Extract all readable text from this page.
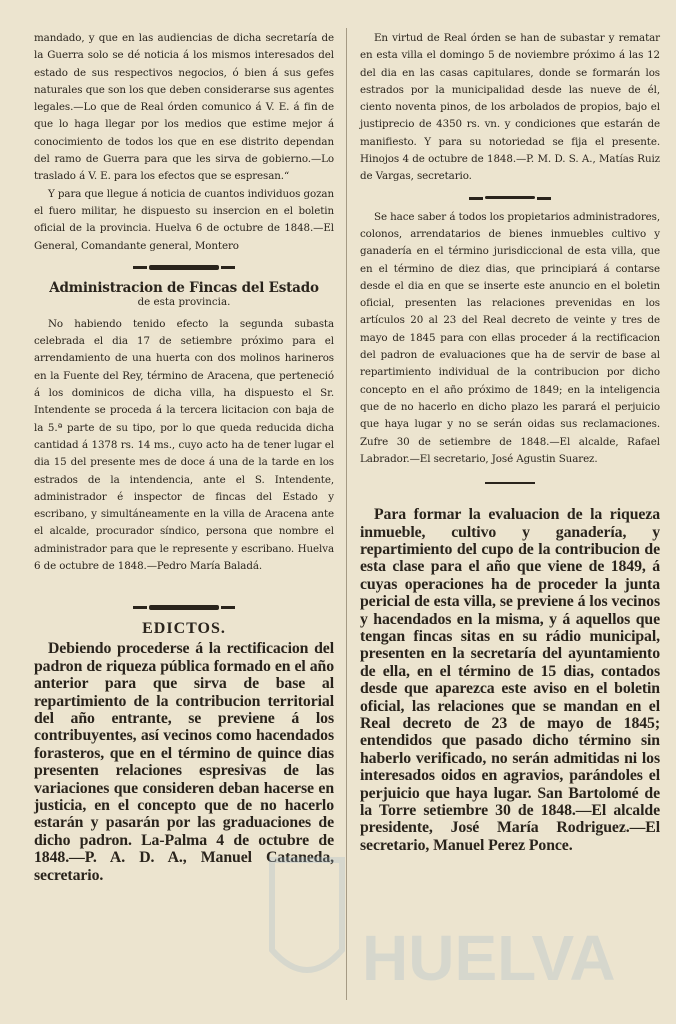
mandado, y que en las audiencias de dicha secretaría de la Guerra solo se dé noticia á los mismos interesados del estado de sus respectivos negocios, ó bien á sus gefes naturales que son los que deben considerarse sus agentes legales.—Lo que de Real órden comunico á V. E. á fin de que lo haga llegar por los medios que estime mejor á conocimiento de todos los que en ese distrito dependan del ramo de Guerra para que les sirva de gobierno.—Lo traslado á V. E. para los efectos que se espresan.“

Y para que llegue á noticia de cuantos individuos gozan el fuero militar, he dispuesto su insercion en el boletin oficial de la provincia. Huelva 6 de octubre de 1848.—El General, Comandante general, Montero

Administracion de Fincas del Estado
de esta provincia.

No habiendo tenido efecto la segunda subasta celebrada el dia 17 de setiembre próximo para el arrendamiento de una huerta con dos molinos harineros en la Fuente del Rey, término de Aracena, que perteneció á los dominicos de dicha villa, ha dispuesto el Sr. Intendente se proceda á la tercera licitacion con baja de la 5.ª parte de su tipo, por lo que queda reducida dicha cantidad á 1378 rs. 14 ms., cuyo acto ha de tener lugar el dia 15 del presente mes de doce á una de la tarde en los estrados de la intendencia, ante el S. Intendente, administrador é inspector de fincas del Estado y escribano, y simultáneamente en la villa de Aracena ante el alcalde, procurador síndico, persona que nombre el administrador para que le represente y escribano. Huelva 6 de octubre de 1848.—Pedro María Baladá.

EDICTOS.

Debiendo procederse á la rectificacion del padron de riqueza pública formado en el año anterior para que sirva de base al repartimiento de la contribucion territorial del año entrante, se previene á los contribuyentes, así vecinos como hacendados forasteros, que en el término de quince dias presenten relaciones espresivas de las variaciones que consideren deban hacerse en justicia, en el concepto que de no hacerlo estarán y pasarán por las graduaciones de dicho padron. La-Palma 4 de octubre de 1848.—P. A. D. A., Manuel Cataneda, secretario.

En virtud de Real órden se han de subastar y rematar en esta villa el domingo 5 de noviembre próximo á las 12 del dia en las casas capitulares, donde se formarán los estrados por la municipalidad desde las nueve de él, ciento noventa pinos, de los arbolados de propios, bajo el justiprecio de 4350 rs. vn. y condiciones que estarán de manifiesto. Y para su notoriedad se fija el presente. Hinojos 4 de octubre de 1848.—P. M. D. S. A., Matías Ruiz de Vargas, secretario.

Se hace saber á todos los propietarios administradores, colonos, arrendatarios de bienes inmuebles cultivo y ganadería en el término jurisdiccional de esta villa, que en el término de diez dias, que principiará á contarse desde el dia en que se inserte este anuncio en el boletin oficial, presenten las relaciones prevenidas en los artículos 20 al 23 del Real decreto de veinte y tres de mayo de 1845 para con ellas proceder á la rectificacion del padron de evaluaciones que ha de servir de base al repartimiento individual de la contribucion por dicho concepto en el año próximo de 1849; en la inteligencia que de no hacerlo en dicho plazo les parará el perjuicio que haya lugar y no se serán oidas sus reclamaciones. Zufre 30 de setiembre de 1848.—El alcalde, Rafael Labrador.—El secretario, José Agustin Suarez.

Para formar la evaluacion de la riqueza inmueble, cultivo y ganadería, y repartimiento del cupo de la contribucion de esta clase para el año que viene de 1849, á cuyas operaciones ha de proceder la junta pericial de esta villa, se previene á los vecinos y hacendados en la misma, y á aquellos que tengan fincas sitas en su rádio municipal, presenten en la secretaría del ayuntamiento de ella, en el término de 15 dias, contados desde que aparezca este aviso en el boletin oficial, las relaciones que se mandan en el Real decreto de 23 de mayo de 1845; entendidos que pasado dicho término sin haberlo verificado, no serán admitidas ni los interesados oidos en agravios, parándoles el perjuicio que haya lugar. San Bartolomé de la Torre setiembre 30 de 1848.—El alcalde presidente, José María Rodriguez.—El secretario, Manuel Perez Ponce.

HUELVA
